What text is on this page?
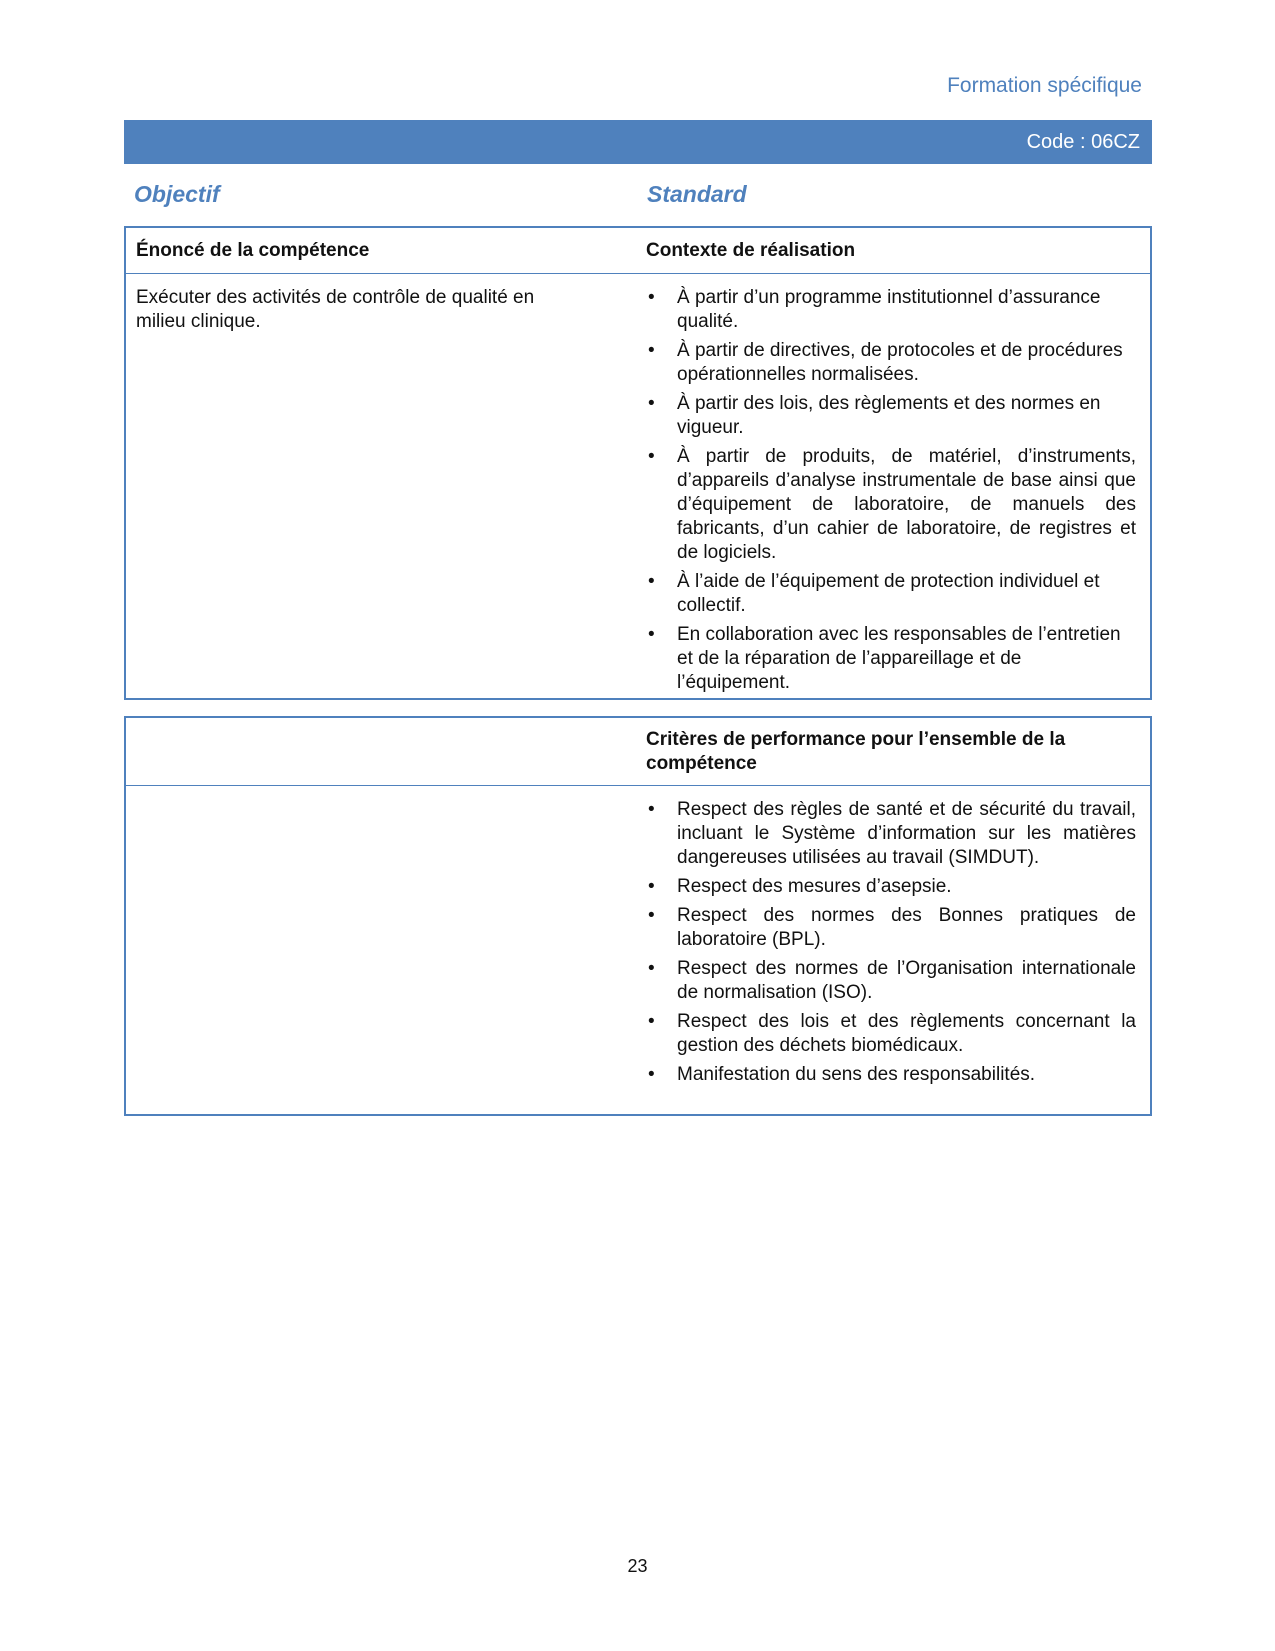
Formation spécifique
Code : 06CZ
Objectif	Standard
Énoncé de la compétence	Contexte de réalisation
Exécuter des activités de contrôle de qualité en milieu clinique.
• À partir d’un programme institutionnel d’assurance qualité.
• À partir de directives, de protocoles et de procédures opérationnelles normalisées.
• À partir des lois, des règlements et des normes en vigueur.
• À partir de produits, de matériel, d’instruments, d’appareils d’analyse instrumentale de base ainsi que d’équipement de laboratoire, de manuels des fabricants, d’un cahier de laboratoire, de registres et de logiciels.
• À l’aide de l’équipement de protection individuel et collectif.
• En collaboration avec les responsables de l’entretien et de la réparation de l’appareillage et de l’équipement.
Critères de performance pour l’ensemble de la compétence
• Respect des règles de santé et de sécurité du travail, incluant le Système d’information sur les matières dangereuses utilisées au travail (SIMDUT).
• Respect des mesures d’asepsie.
• Respect des normes des Bonnes pratiques de laboratoire (BPL).
• Respect des normes de l’Organisation internationale de normalisation (ISO).
• Respect des lois et des règlements concernant la gestion des déchets biomédicaux.
• Manifestation du sens des responsabilités.
23
